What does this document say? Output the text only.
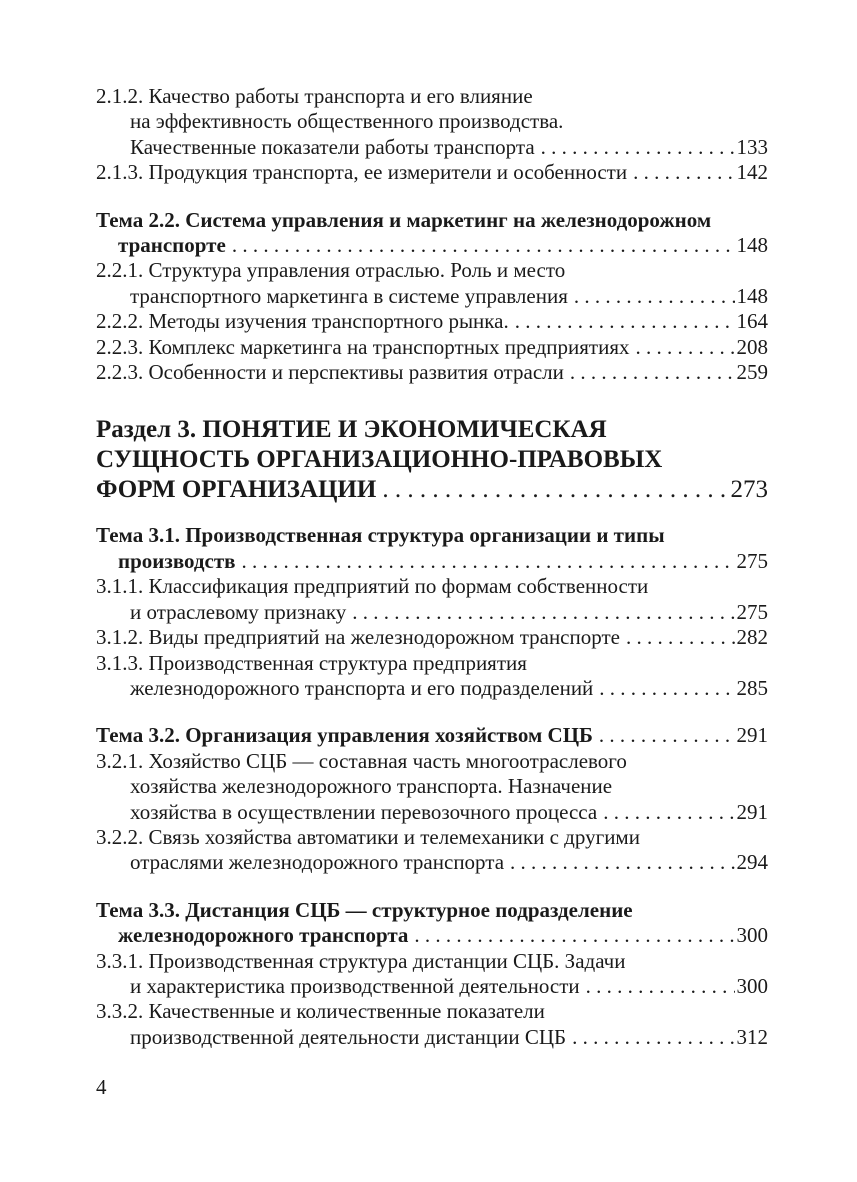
2.1.2. Качество работы транспорта и его влияние
на эффективность общественного производства.
Качественные показатели работы транспорта . . .	133
2.1.3. Продукция транспорта, ее измерители и особенности . . .	142
Тема 2.2. Система управления и маркетинг на железнодорожном
транспорте . . .	148
2.2.1. Структура управления отраслью. Роль и место
транспортного маркетинга в системе управления . . .	148
2.2.2. Методы изучения транспортного рынка. . . .	164
2.2.3. Комплекс маркетинга на транспортных предприятиях . . .	208
2.2.3. Особенности и перспективы развития отрасли . . .	259
Раздел 3. ПОНЯТИЕ И ЭКОНОМИЧЕСКАЯ
СУЩНОСТЬ ОРГАНИЗАЦИОННО-ПРАВОВЫХ
ФОРМ ОРГАНИЗАЦИИ . . .	273
Тема 3.1. Производственная структура организации и типы
производств . . .	275
3.1.1. Классификация предприятий по формам собственности
и отраслевому признаку . . .	275
3.1.2. Виды предприятий на железнодорожном транспорте . . .	282
3.1.3. Производственная структура предприятия
железнодорожного транспорта и его подразделений . . .	285
Тема 3.2. Организация управления хозяйством СЦБ . . .	291
3.2.1. Хозяйство СЦБ — составная часть многоотраслевого
хозяйства железнодорожного транспорта. Назначение
хозяйства в осуществлении перевозочного процесса . . .	291
3.2.2. Связь хозяйства автоматики и телемеханики с другими
отраслями железнодорожного транспорта . . .	294
Тема 3.3. Дистанция СЦБ — структурное подразделение
железнодорожного транспорта . . .	300
3.3.1. Производственная структура дистанции СЦБ. Задачи
и характеристика производственной деятельности . . .	300
3.3.2. Качественные и количественные показатели
производственной деятельности дистанции СЦБ . . .	312
4
